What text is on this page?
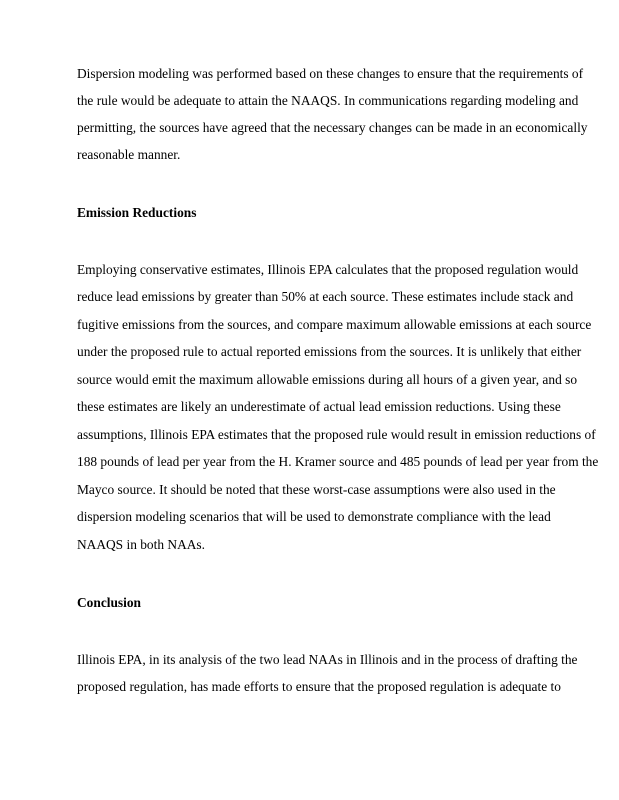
Dispersion modeling was performed based on these changes to ensure that the requirements of
the rule would be adequate to attain the NAAQS. In communications regarding modeling and
permitting, the sources have agreed that the necessary changes can be made in an economically
reasonable manner.
Emission Reductions
Employing conservative estimates, Illinois EPA calculates that the proposed regulation would
reduce lead emissions by greater than 50% at each source. These estimates include stack and
fugitive emissions from the sources, and compare maximum allowable emissions at each source
under the proposed rule to actual reported emissions from the sources. It is unlikely that either
source would emit the maximum allowable emissions during all hours of a given year, and so
these estimates are likely an underestimate of actual lead emission reductions. Using these
assumptions, Illinois EPA estimates that the proposed rule would result in emission reductions of
188 pounds of lead per year from the H. Kramer source and 485 pounds of lead per year from the
Mayco source. It should be noted that these worst-case assumptions were also used in the
dispersion modeling scenarios that will be used to demonstrate compliance with the lead
NAAQS in both NAAs.
Conclusion
Illinois EPA, in its analysis of the two lead NAAs in Illinois and in the process of drafting the
proposed regulation, has made efforts to ensure that the proposed regulation is adequate to
